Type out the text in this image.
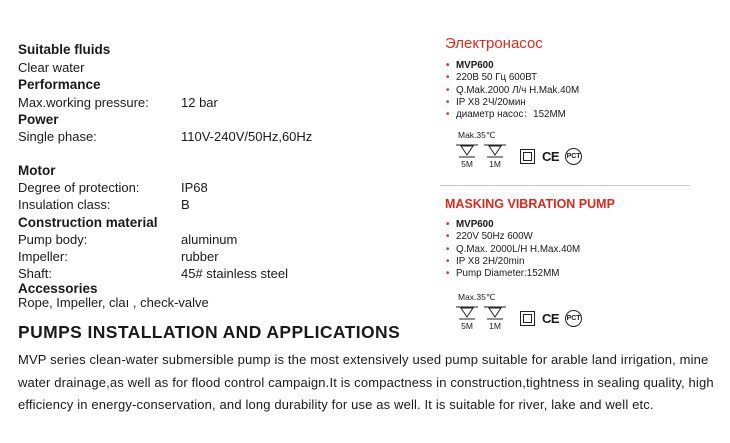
Suitable fluids
Clear water
Performance
Max.working pressure: 12 bar
Power
Single phase:	110V-240V/50Hz,60Hz
Motor
Degree of protection:	IP68
Insulation class:	B
Construction material
Pump body:	aluminum
Impeller:	rubber
Shaft:	45# stainless steel
Accessories
Rope, Impeller, claı , check-valve
PUMPS INSTALLATION AND APPLICATIONS
MVP series clean-water submersible pump is the most extensively used pump suitable for arable land irrigation, mine water drainage,as well as for flood control campaign.It is compactness in construction,tightness in sealing quality, high efficiency in energy-conservation, and long durability for use as well. It is suitable for river, lake and well etc.
Электронасос
• MVP600
• 220В 50 Гц 600ВТ
• Q.Mak.2000 Л/ч H.Mak.40M
• IP X8 2Ч/20мин
• диаметр насос：152MM
Mak.35℃
5M 1M	CE PCT
MASKING VIBRATION PUMP
• MVP600
• 220V 50Hz 600W
• Q.Max. 2000L/H H.Max.40M
• IP X8 2H/20min
• Pump Diameter:152MM
Max.35℃
5M 1M	CE PCT
